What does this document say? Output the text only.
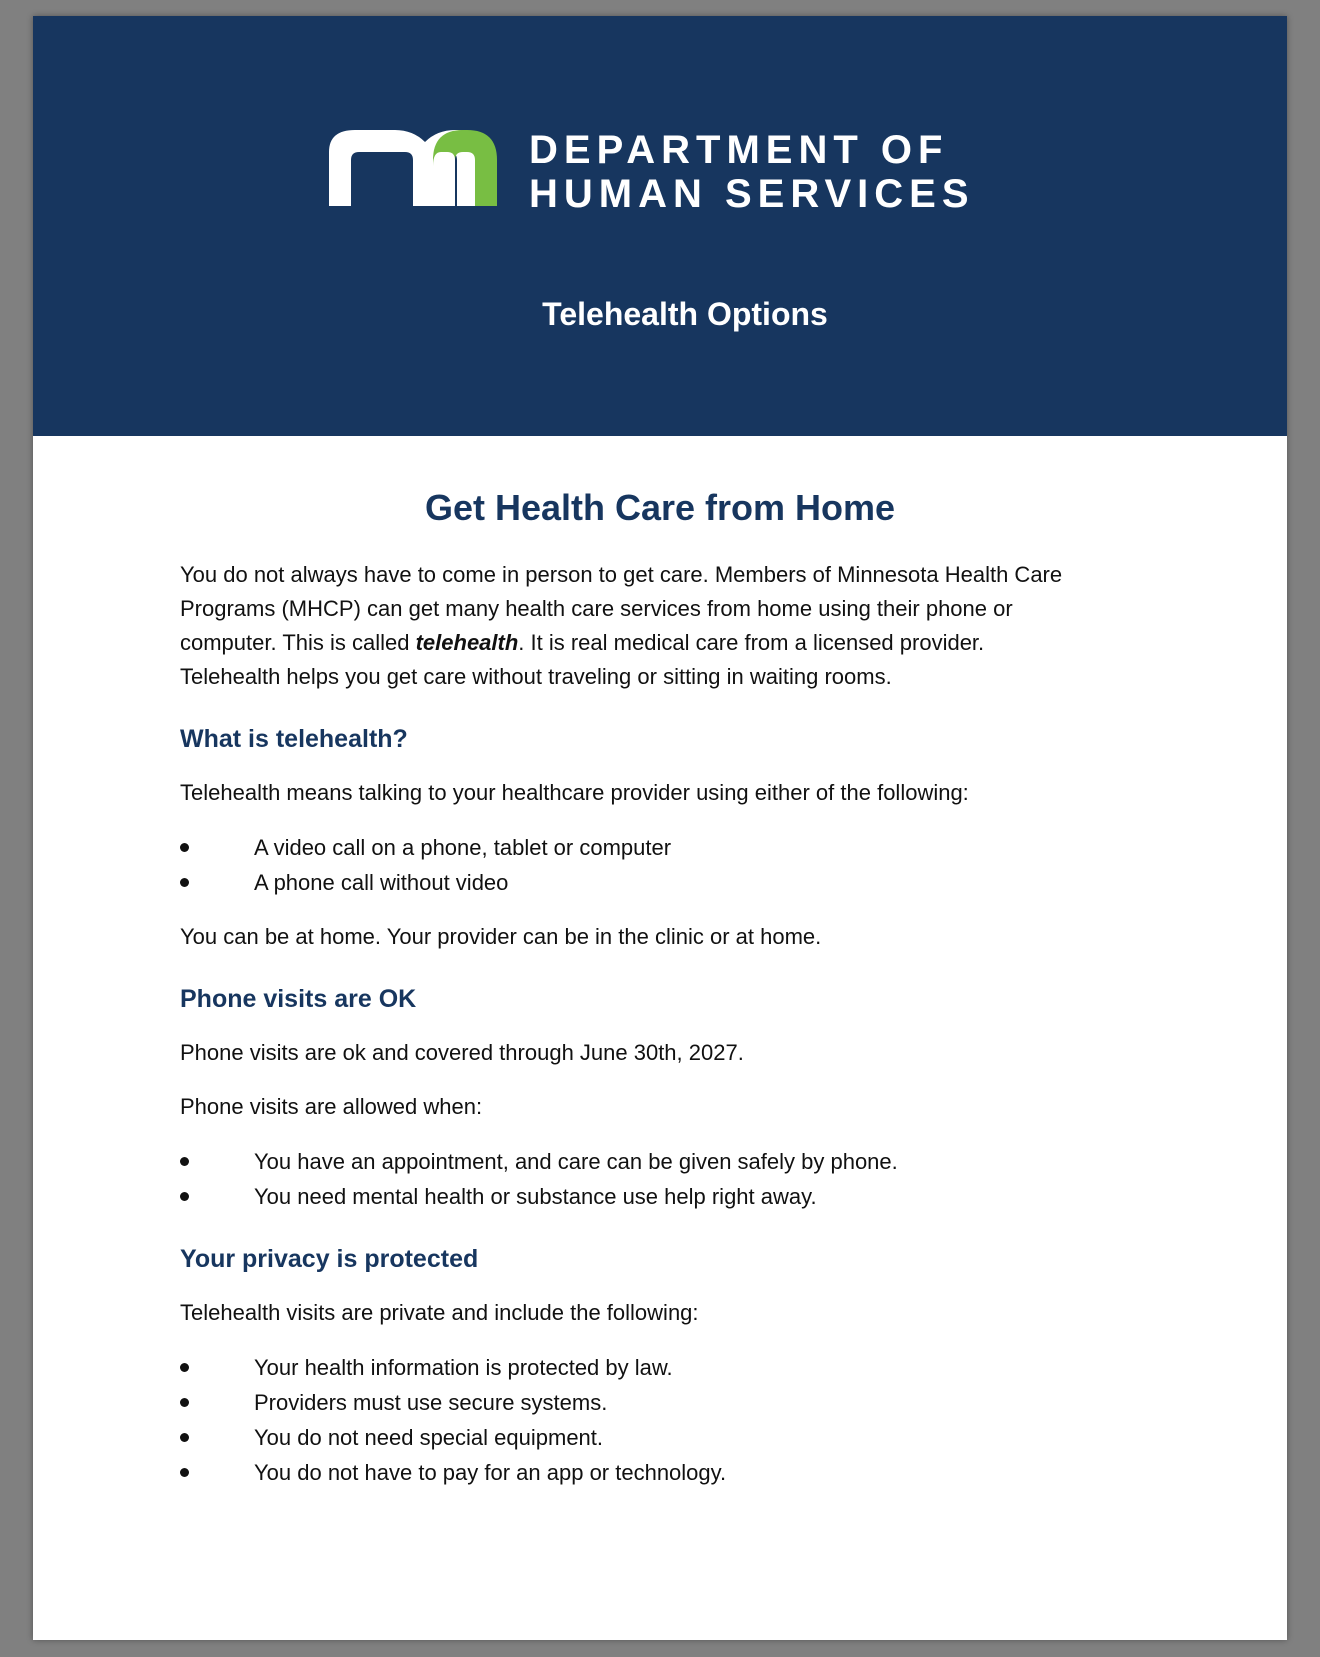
DEPARTMENT OF
HUMAN SERVICES
Telehealth Options
Get Health Care from Home

You do not always have to come in person to get care. Members of Minnesota Health Care Programs (MHCP) can get many health care services from home using their phone or computer. This is called telehealth. It is real medical care from a licensed provider. Telehealth helps you get care without traveling or sitting in waiting rooms.

What is telehealth?

Telehealth means talking to your healthcare provider using either of the following:

A video call on a phone, tablet or computer
A phone call without video

You can be at home. Your provider can be in the clinic or at home.

Phone visits are OK

Phone visits are ok and covered through June 30th, 2027.

Phone visits are allowed when:

You have an appointment, and care can be given safely by phone.
You need mental health or substance use help right away.
Your privacy is protected

Telehealth visits are private and include the following:

Your health information is protected by law.
Providers must use secure systems.
You do not need special equipment.
You do not have to pay for an app or technology.
